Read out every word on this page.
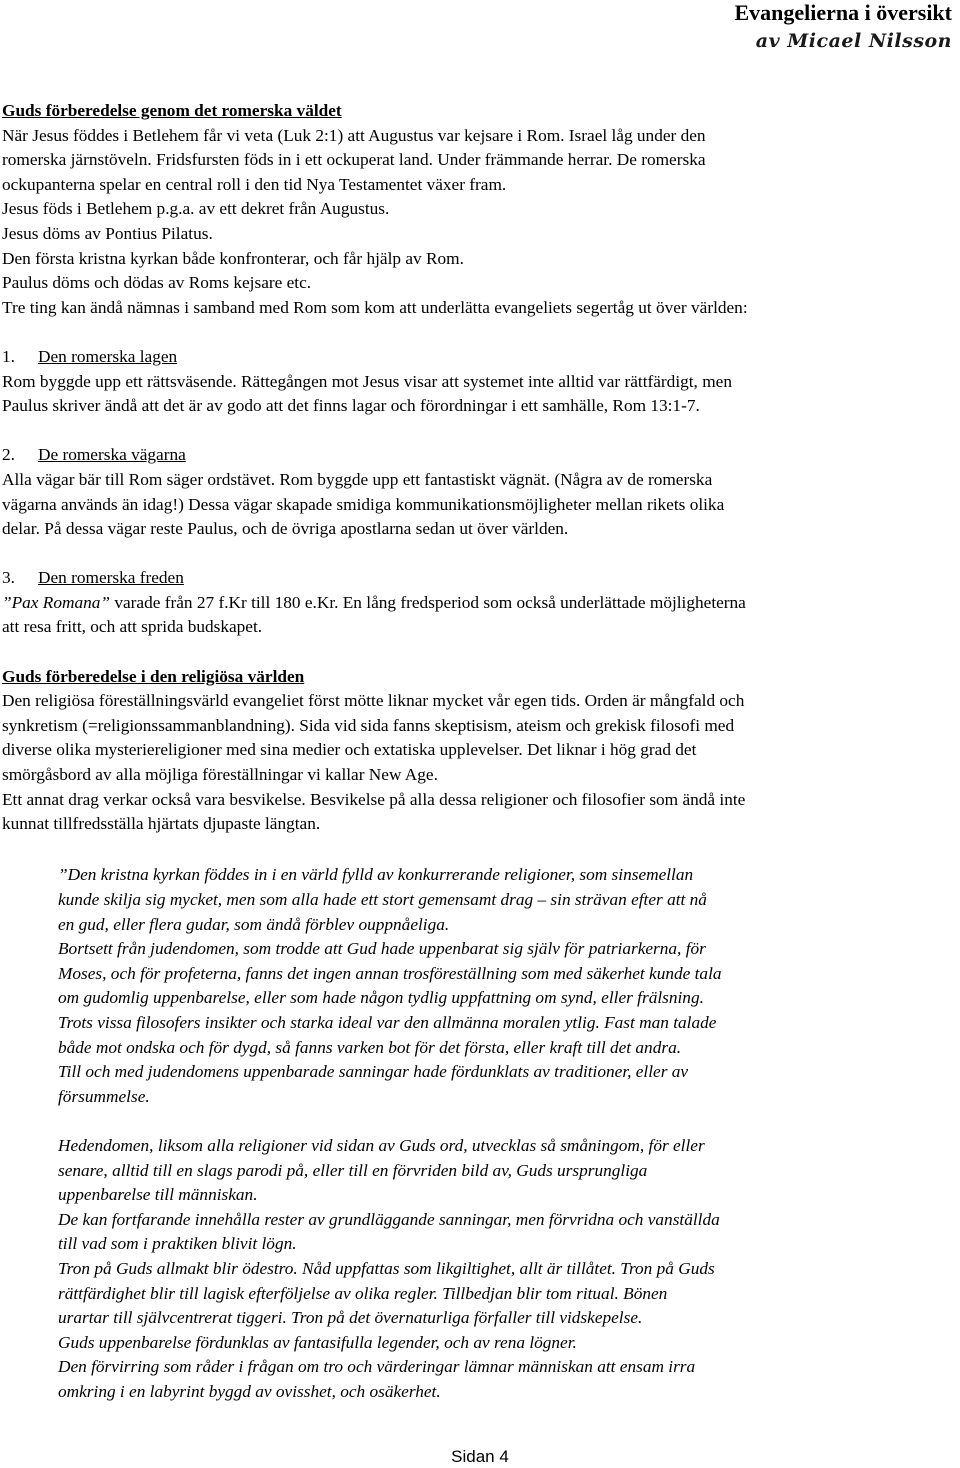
Evangelierna i översikt
av Micael Nilsson

Guds förberedelse genom det romerska väldet

När Jesus föddes i Betlehem får vi veta (Luk 2:1) att Augustus var kejsare i Rom. Israel låg under den

romerska järnstöveln. Fridsfursten föds in i ett ockuperat land. Under främmande herrar. De romerska

ockupanterna spelar en central roll i den tid Nya Testamentet växer fram.

Jesus föds i Betlehem p.g.a. av ett dekret från Augustus.

Jesus döms av Pontius Pilatus.

Den första kristna kyrkan både konfronterar, och får hjälp av Rom.

Paulus döms och dödas av Roms kejsare etc.

Tre ting kan ändå nämnas i samband med Rom som kom att underlätta evangeliets segertåg ut över världen:

1. Den romerska lagen

Rom byggde upp ett rättsväsende. Rättegången mot Jesus visar att systemet inte alltid var rättfärdigt, men

Paulus skriver ändå att det är av godo att det finns lagar och förordningar i ett samhälle, Rom 13:1-7.

2. De romerska vägarna

Alla vägar bär till Rom säger ordstävet. Rom byggde upp ett fantastiskt vägnät. (Några av de romerska

vägarna används än idag!) Dessa vägar skapade smidiga kommunikationsmöjligheter mellan rikets olika

delar. På dessa vägar reste Paulus, och de övriga apostlarna sedan ut över världen.

3. Den romerska freden

”Pax Romana” varade från 27 f.Kr till 180 e.Kr. En lång fredsperiod som också underlättade möjligheterna

att resa fritt, och att sprida budskapet.

Guds förberedelse i den religiösa världen

Den religiösa föreställningsvärld evangeliet först mötte liknar mycket vår egen tids. Orden är mångfald och

synkretism (=religionssammanblandning). Sida vid sida fanns skeptisism, ateism och grekisk filosofi med

diverse olika mysteriereligioner med sina medier och extatiska upplevelser. Det liknar i hög grad det

smörgåsbord av alla möjliga föreställningar vi kallar New Age.

Ett annat drag verkar också vara besvikelse. Besvikelse på alla dessa religioner och filosofier som ändå inte

kunnat tillfredsställa hjärtats djupaste längtan.

”Den kristna kyrkan föddes in i en värld fylld av konkurrerande religioner, som sinsemellan

kunde skilja sig mycket, men som alla hade ett stort gemensamt drag – sin strävan efter att nå

en gud, eller flera gudar, som ändå förblev ouppnåeliga.

Bortsett från judendomen, som trodde att Gud hade uppenbarat sig själv för patriarkerna, för

Moses, och för profeterna, fanns det ingen annan trosföreställning som med säkerhet kunde tala

om gudomlig uppenbarelse, eller som hade någon tydlig uppfattning om synd, eller frälsning.

Trots vissa filosofers insikter och starka ideal var den allmänna moralen ytlig. Fast man talade

både mot ondska och för dygd, så fanns varken bot för det första, eller kraft till det andra.

Till och med judendomens uppenbarade sanningar hade fördunklats av traditioner, eller av

försummelse.

Hedendomen, liksom alla religioner vid sidan av Guds ord, utvecklas så småningom, för eller

senare, alltid till en slags parodi på, eller till en förvriden bild av, Guds ursprungliga

uppenbarelse till människan.

De kan fortfarande innehålla rester av grundläggande sanningar, men förvridna och vanställda

till vad som i praktiken blivit lögn.

Tron på Guds allmakt blir ödestro. Nåd uppfattas som likgiltighet, allt är tillåtet. Tron på Guds

rättfärdighet blir till lagisk efterföljelse av olika regler. Tillbedjan blir tom ritual. Bönen

urartar till självcentrerat tiggeri. Tron på det övernaturliga förfaller till vidskepelse.

Guds uppenbarelse fördunklas av fantasifulla legender, och av rena lögner.

Den förvirring som råder i frågan om tro och värderingar lämnar människan att ensam irra

omkring i en labyrint byggd av ovisshet, och osäkerhet.

Sidan 4
